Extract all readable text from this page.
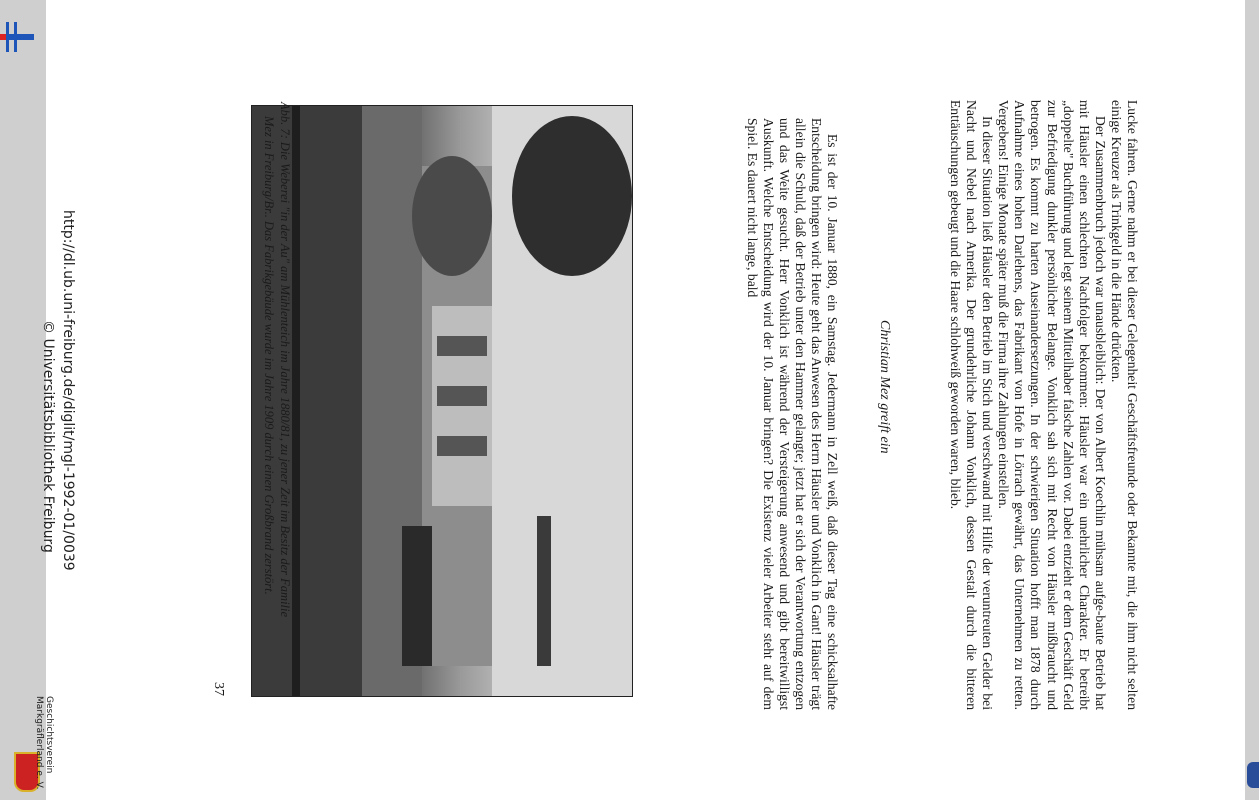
Lucke fahren. Gerne nahm er bei dieser Gelegenheit Geschäftsfreunde oder Bekannte mit, die ihm nicht selten einige Kreuzer als Trinkgeld in die Hände drückten.

Der Zusammenbruch jedoch war unausbleiblich: Der von Albert Koechlin mühsam aufge-baute Betrieb hat mit Häusler einen schlechten Nachfolger bekommen: Häusler war ein unehrlicher Charakter. Er betreibt „doppelte" Buchführung und legt seinem Mitteilhaber falsche Zahlen vor. Dabei entzieht er dem Geschäft Geld zur Befriedigung dunkler persönlicher Belange. Vonklich sah sich mit Recht von Häusler mißbraucht und betrogen. Es kommt zu harten Auseinandersetzungen. In der schwierigen Situation hofft man 1878 durch Aufnahme eines hohen Darlehens, das Fabrikant von Hofe in Lörrach gewährt, das Unternehmen zu retten. Vergebens! Einige Monate später muß die Firma ihre Zahlungen einstellen.

In dieser Situation ließ Häusler den Betrieb im Stich und verschwand mit Hilfe der veruntreuten Gelder bei Nacht und Nebel nach Amerika. Der grundehrliche Johann Vonklich, dessen Gestalt durch die bitteren Enttäuschungen gebeugt und die Haare schlohweiß geworden waren, blieb.

Christian Mez greift ein

Es ist der 10. Januar 1880, ein Samstag. Jedermann in Zell weiß, daß dieser Tag eine schicksalhafte Entscheidung bringen wird: Heute geht das Anwesen des Herrn Häusler und Vonklich in Gant! Häusler trägt allein die Schuld, daß der Betrieb unter den Hammer gelangte; jetzt hat er sich der Verantwortung entzogen und das Weite gesucht. Herr Vonklich ist während der Versteigerung anwesend und gibt bereitwilligst Auskunft. Welche Entscheidung wird der 10. Januar bringen? Die Existenz vieler Arbeiter steht auf dem Spiel. Es dauert nicht lange, bald

Abb. 7: Die Weberei "in der Au" am Mühlenteich im Jahre 1880/81, zu jener Zeit im Besitz der Familie
Mez in Freiburg/Br.. Das Fabrikgebäude wurde im Jahre 1909 durch einen Großbrand zerstört.
37
http://dl.ub.uni-freiburg.de/diglit/mgl-1992-01/0039
© Universitätsbibliothek Freiburg
Geschichtsverein
Markgräflerland e. V.
